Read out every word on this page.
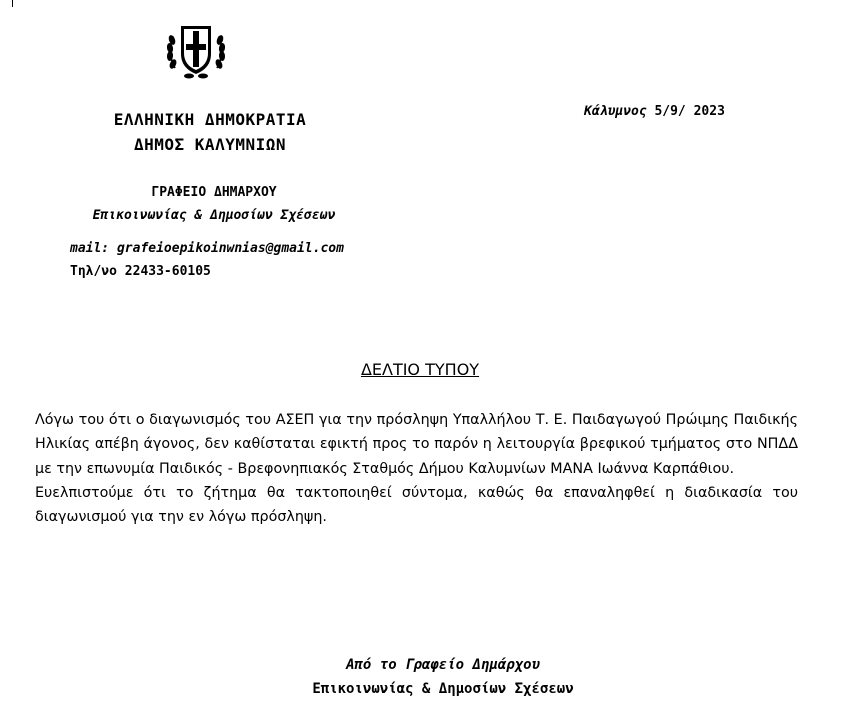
ΕΛΛΗΝΙΚΗ ΔΗΜΟΚΡΑΤΙΑ
ΔΗΜΟΣ ΚΑΛΥΜΝΙΩΝ
ΓΡΑΦΕΙΟ ΔΗΜΑΡΧΟΥ
Επικοινωνίας & Δημοσίων Σχέσεων
mail: grafeioepikoinwnias@gmail.com
Τηλ/νο 22433-60105
Κάλυμνος 5/9/ 2023
ΔΕΛΤΙΟ ΤΥΠΟΥ

Λόγω του ότι ο διαγωνισμός του ΑΣΕΠ για την πρόσληψη Υπαλλήλου Τ. Ε. Παιδαγωγού Πρώιμης Παιδικής Ηλικίας απέβη άγονος, δεν καθίσταται εφικτή προς το παρόν η λειτουργία βρεφικού τμήματος στο ΝΠΔΔ με την επωνυμία Παιδικός - Βρεφονηπιακός Σταθμός Δήμου Καλυμνίων ΜΑΝΑ Ιωάννα Καρπάθιου.

Ευελπιστούμε ότι το ζήτημα θα τακτοποιηθεί σύντομα, καθώς θα επαναληφθεί η διαδικασία του διαγωνισμού για την εν λόγω πρόσληψη.

Από το Γραφείο Δημάρχου
Επικοινωνίας & Δημοσίων Σχέσεων
